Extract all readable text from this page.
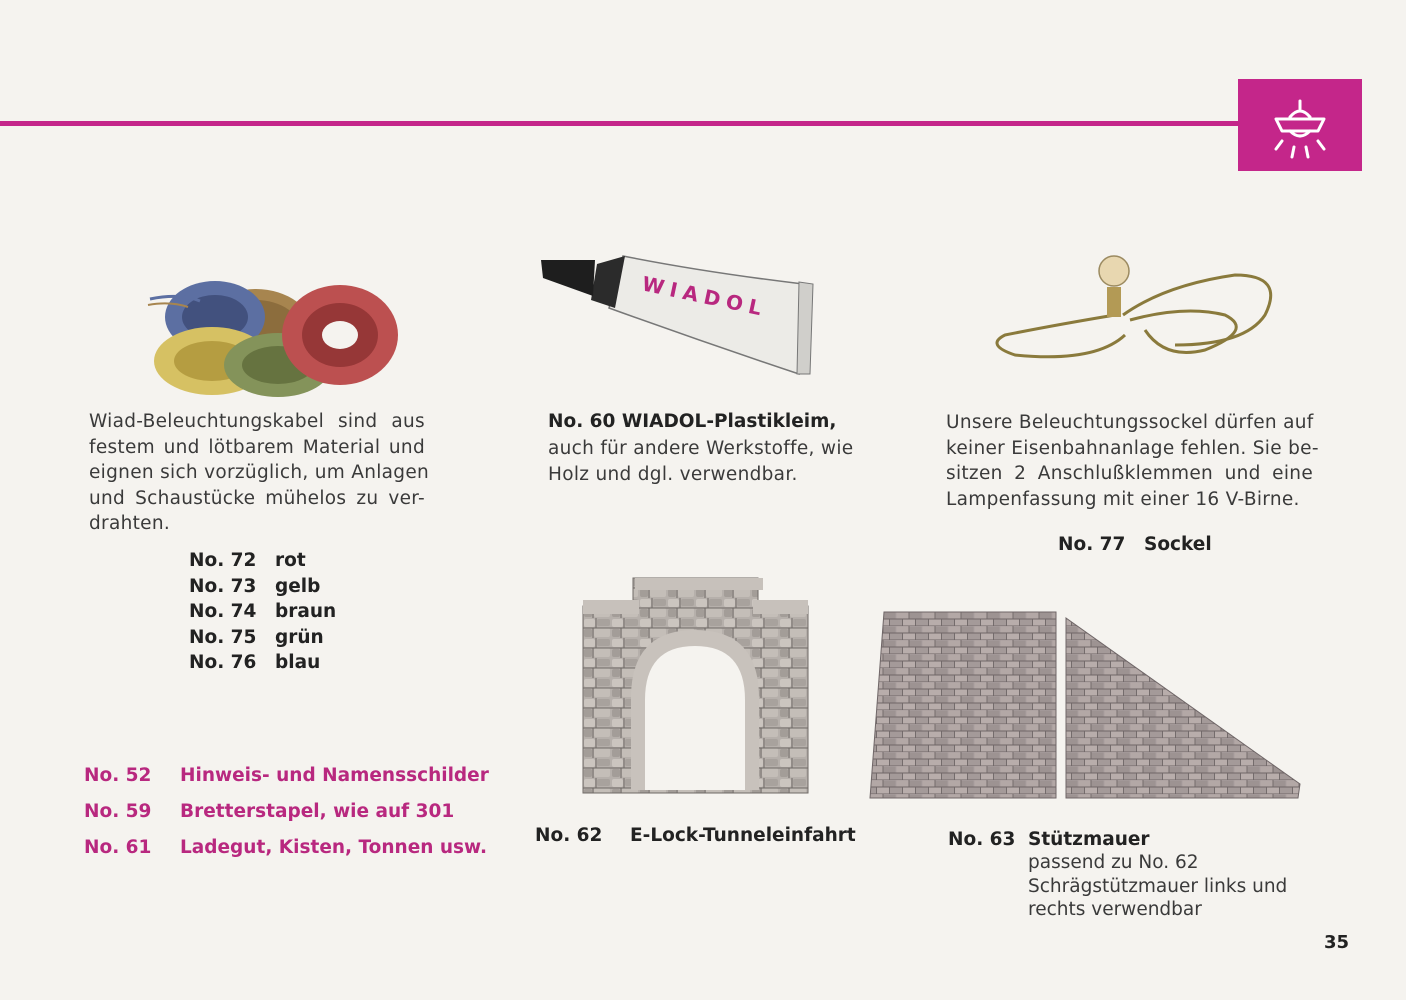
WIADOL
Wiad-Beleuchtungskabel sind aus
festem und lötbarem Material und
eignen sich vorzüglich, um Anlagen
und Schaustücke mühelos zu ver-
drahten.
No. 72	rot
No. 73	gelb
No. 74	braun
No. 75	grün
No. 76	blau
No. 60 WIADOL-Plastikleim,
auch für andere Werkstoffe, wie
Holz und dgl. verwendbar.
Unsere Beleuchtungssockel dürfen auf
keiner Eisenbahnanlage fehlen. Sie be-
sitzen 2 Anschlußklemmen und eine
Lampenfassung mit einer 16 V-Birne.
No. 77 Sockel
No. 52	Hinweis- und Namensschilder
No. 59	Bretterstapel, wie auf 301
No. 61	Ladegut, Kisten, Tonnen usw.
No. 62 E-Lock-Tunneleinfahrt	No. 63 Stützmauer
passend zu No. 62
Schrägstützmauer links und
rechts verwendbar
35
